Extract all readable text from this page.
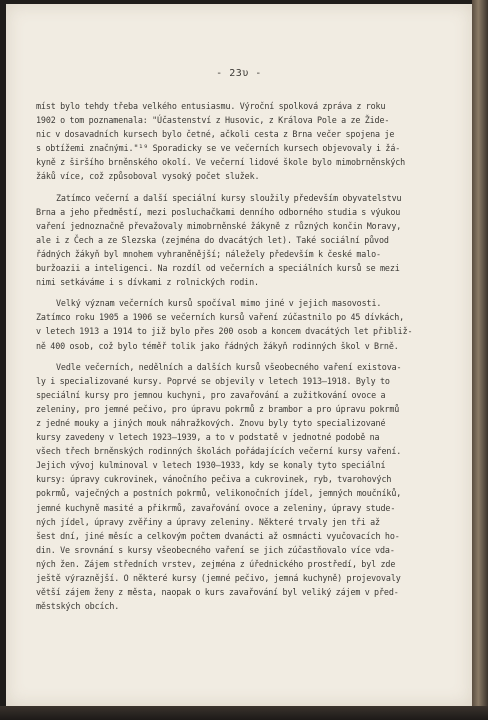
- 23υ -

míst bylo tehdy třeba velkého entusiasmu. Výroční spolková zpráva z roku
1902 o tom poznamenala: "Účastenství z Husovic, z Králova Pole a ze Žide-
nic v dosavadních kursech bylo četné, ačkoli cesta z Brna večer spojena je
s obtížemi značnými."¹⁹ Sporadicky se ve večerních kursech objevovaly i žá-
kyně z širšího brněnského okolí. Ve večerní lidové škole bylo mimobrněnských
žáků více, což způsoboval vysoký počet služek.

Zatímco večerní a další speciální kursy sloužily především obyvatelstvu
Brna a jeho předměstí, mezi posluchačkami denního odborného studia s výukou
vaření jednoznačně převažovaly mimobrněnské žákyně z různých končin Moravy,
ale i z Čech a ze Slezska (zejména do dvacátých let). Také sociální původ
řádných žákyň byl mnohem vyhraněnější; náležely především k české malo-
buržoazii a inteligenci. Na rozdíl od večerních a speciálních kursů se mezi
nimi setkáváme i s dívkami z rolnických rodin.

Velký význam večerních kursů spočíval mimo jiné v jejich masovosti.
Zatímco roku 1905 a 1906 se večerních kursů vaření zúčastnilo po 45 dívkách,
v letech 1913 a 1914 to již bylo přes 200 osob a koncem dvacátých let přibliž-
ně 400 osob, což bylo téměř tolik jako řádných žákyň rodinných škol v Brně.

Vedle večerních, nedělních a dalších kursů všeobecného vaření existova-
ly i specializované kursy. Poprvé se objevily v letech 1913–1918. Byly to
speciální kursy pro jemnou kuchyni, pro zavařování a zužitkování ovoce a
zeleniny, pro jemné pečivo, pro úpravu pokrmů z brambor a pro úpravu pokrmů
z jedné mouky a jiných mouk náhražkových. Znovu byly tyto specializované
kursy zavedeny v letech 1923–1939, a to v podstatě v jednotné podobě na
všech třech brněnských rodinných školách pořádajících večerní kursy vaření.
Jejich vývoj kulminoval v letech 1930–1933, kdy se konaly tyto speciální
kursy: úpravy cukrovinek, vánočního pečiva a cukrovinek, ryb, tvarohových
pokrmů, vaječných a postních pokrmů, velikonočních jídel, jemných moučníků,
jemné kuchyně masité a přikrmů, zavařování ovoce a zeleniny, úpravy stude-
ných jídel, úpravy zvěřiny a úpravy zeleniny. Některé trvaly jen tři až
šest dní, jiné měsíc a celkovým počtem dvanácti až osmnácti vyučovacích ho-
din. Ve srovnání s kursy všeobecného vaření se jich zúčastňovalo více vda-
ných žen. Zájem středních vrstev, zejména z úřednického prostředí, byl zde
ještě výraznější. O některé kursy (jemné pečivo, jemná kuchyně) projevovaly
větší zájem ženy z města, naopak o kurs zavařování byl veliký zájem v před-
městských obcích.
